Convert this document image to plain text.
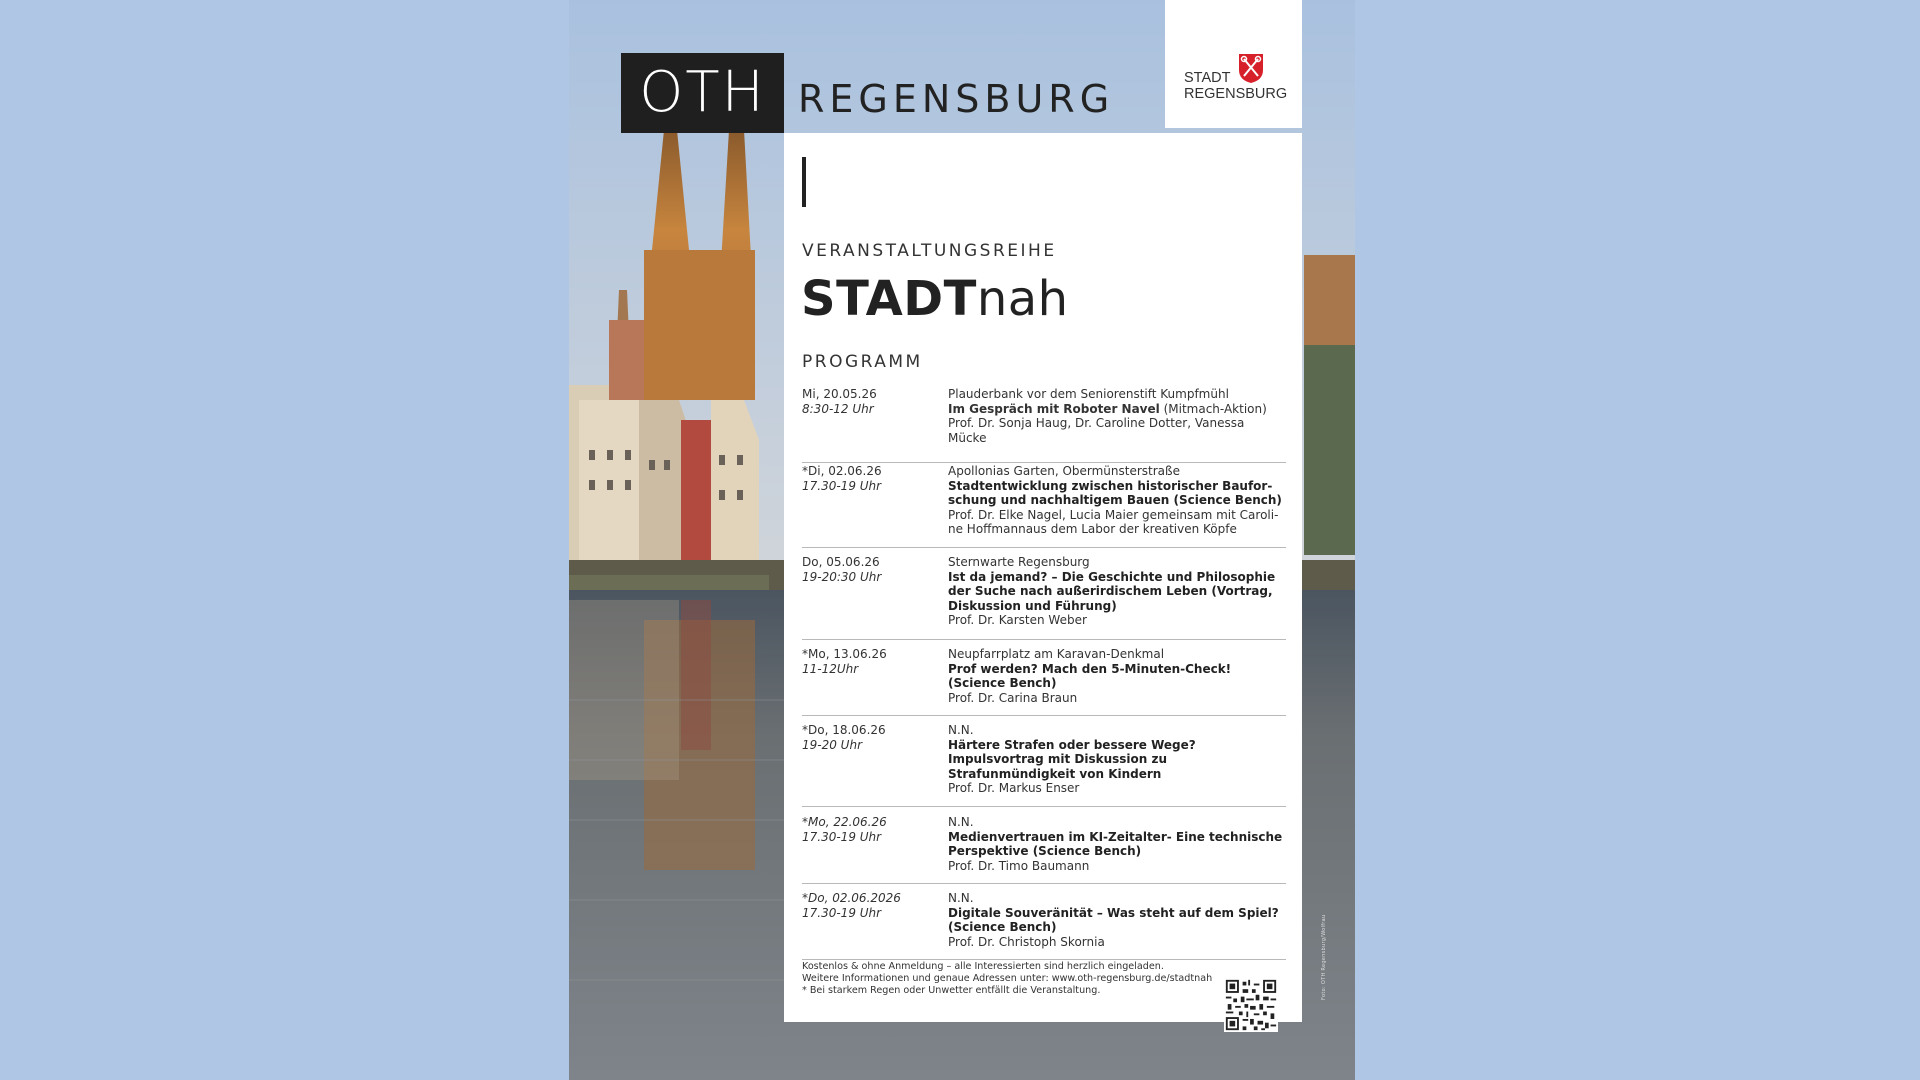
OTH REGENSBURG	STADT
REGENSBURG
VERANSTALTUNGSREIHE
STADTnah
PROGRAMM
Mi, 20.05.26
8:30-12 Uhr
Plauderbank vor dem Seniorenstift Kumpfmühl
Im Gespräch mit Roboter Navel (Mitmach-Aktion)
Prof. Dr. Sonja Haug, Dr. Caroline Dotter, Vanessa Mücke
*Di, 02.06.26
17.30-19 Uhr
Apollonias Garten, Obermünsterstraße
Stadtentwicklung zwischen historischer Baufor-schung und nachhaltigem Bauen (Science Bench)
Prof. Dr. Elke Nagel, Lucia Maier gemeinsam mit Caroli-ne Hoffmannaus dem Labor der kreativen Köpfe
Do, 05.06.26
19-20:30 Uhr
Sternwarte Regensburg
Ist da jemand? – Die Geschichte und Philosophie der Suche nach außerirdischem Leben (Vortrag, Diskussion und Führung)
Prof. Dr. Karsten Weber
*Mo, 13.06.26
11-12Uhr
Neupfarrplatz am Karavan-Denkmal
Prof werden? Mach den 5-Minuten-Check! (Science Bench)
Prof. Dr. Carina Braun
*Do, 18.06.26
19-20 Uhr
N.N.
Härtere Strafen oder bessere Wege? Impulsvortrag mit Diskussion zu Strafunmündigkeit von Kindern
Prof. Dr. Markus Enser
*Mo, 22.06.26
17.30-19 Uhr
N.N.
Medienvertrauen im KI-Zeitalter- Eine technische Perspektive (Science Bench)
Prof. Dr. Timo Baumann
*Do, 02.06.2026
17.30-19 Uhr
N.N.
Digitale Souveränität – Was steht auf dem Spiel? (Science Bench)
Prof. Dr. Christoph Skornia
Kostenlos & ohne Anmeldung – alle Interessierten sind herzlich eingeladen.
Weitere Informationen und genaue Adressen unter: www.oth-regensburg.de/stadtnah
* Bei starkem Regen oder Unwetter entfällt die Veranstaltung.	Foto: OTH Regensburg/Wolfrau
